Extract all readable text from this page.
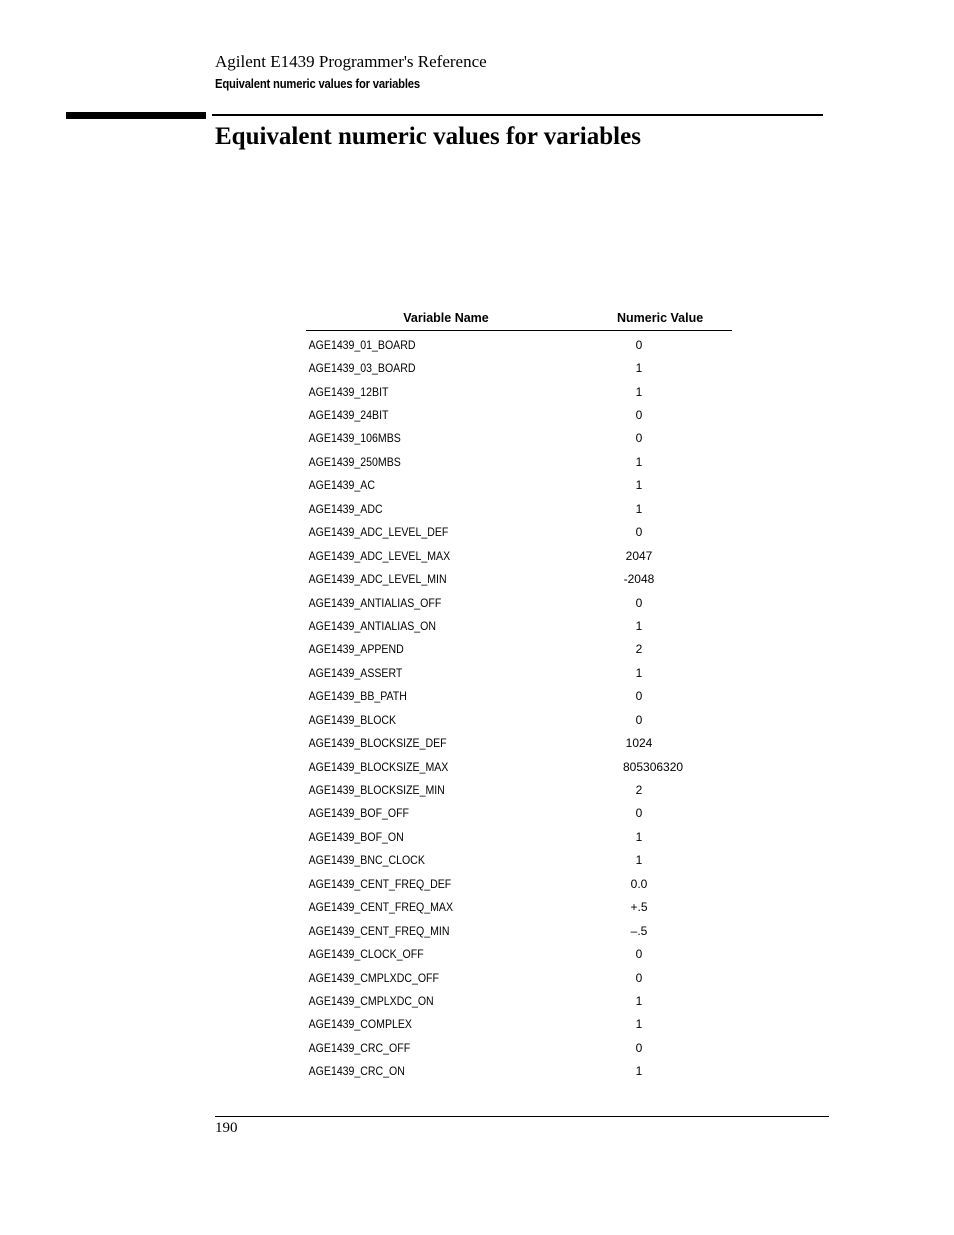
Agilent E1439 Programmer's Reference
Equivalent numeric values for variables
Equivalent numeric values for variables
Variable Name	Numeric Value
AGE1439_01_BOARD	0
AGE1439_03_BOARD	1
AGE1439_12BIT	1
AGE1439_24BIT	0
AGE1439_106MBS	0
AGE1439_250MBS	1
AGE1439_AC	1
AGE1439_ADC	1
AGE1439_ADC_LEVEL_DEF	0
AGE1439_ADC_LEVEL_MAX	2047
AGE1439_ADC_LEVEL_MIN	-2048
AGE1439_ANTIALIAS_OFF	0
AGE1439_ANTIALIAS_ON	1
AGE1439_APPEND	2
AGE1439_ASSERT	1
AGE1439_BB_PATH	0
AGE1439_BLOCK	0
AGE1439_BLOCKSIZE_DEF	1024
AGE1439_BLOCKSIZE_MAX	805306320
AGE1439_BLOCKSIZE_MIN	2
AGE1439_BOF_OFF	0
AGE1439_BOF_ON	1
AGE1439_BNC_CLOCK	1
AGE1439_CENT_FREQ_DEF	0.0
AGE1439_CENT_FREQ_MAX	+.5
AGE1439_CENT_FREQ_MIN	–.5
AGE1439_CLOCK_OFF	0
AGE1439_CMPLXDC_OFF	0
AGE1439_CMPLXDC_ON	1
AGE1439_COMPLEX	1
AGE1439_CRC_OFF	0
AGE1439_CRC_ON	1
190
